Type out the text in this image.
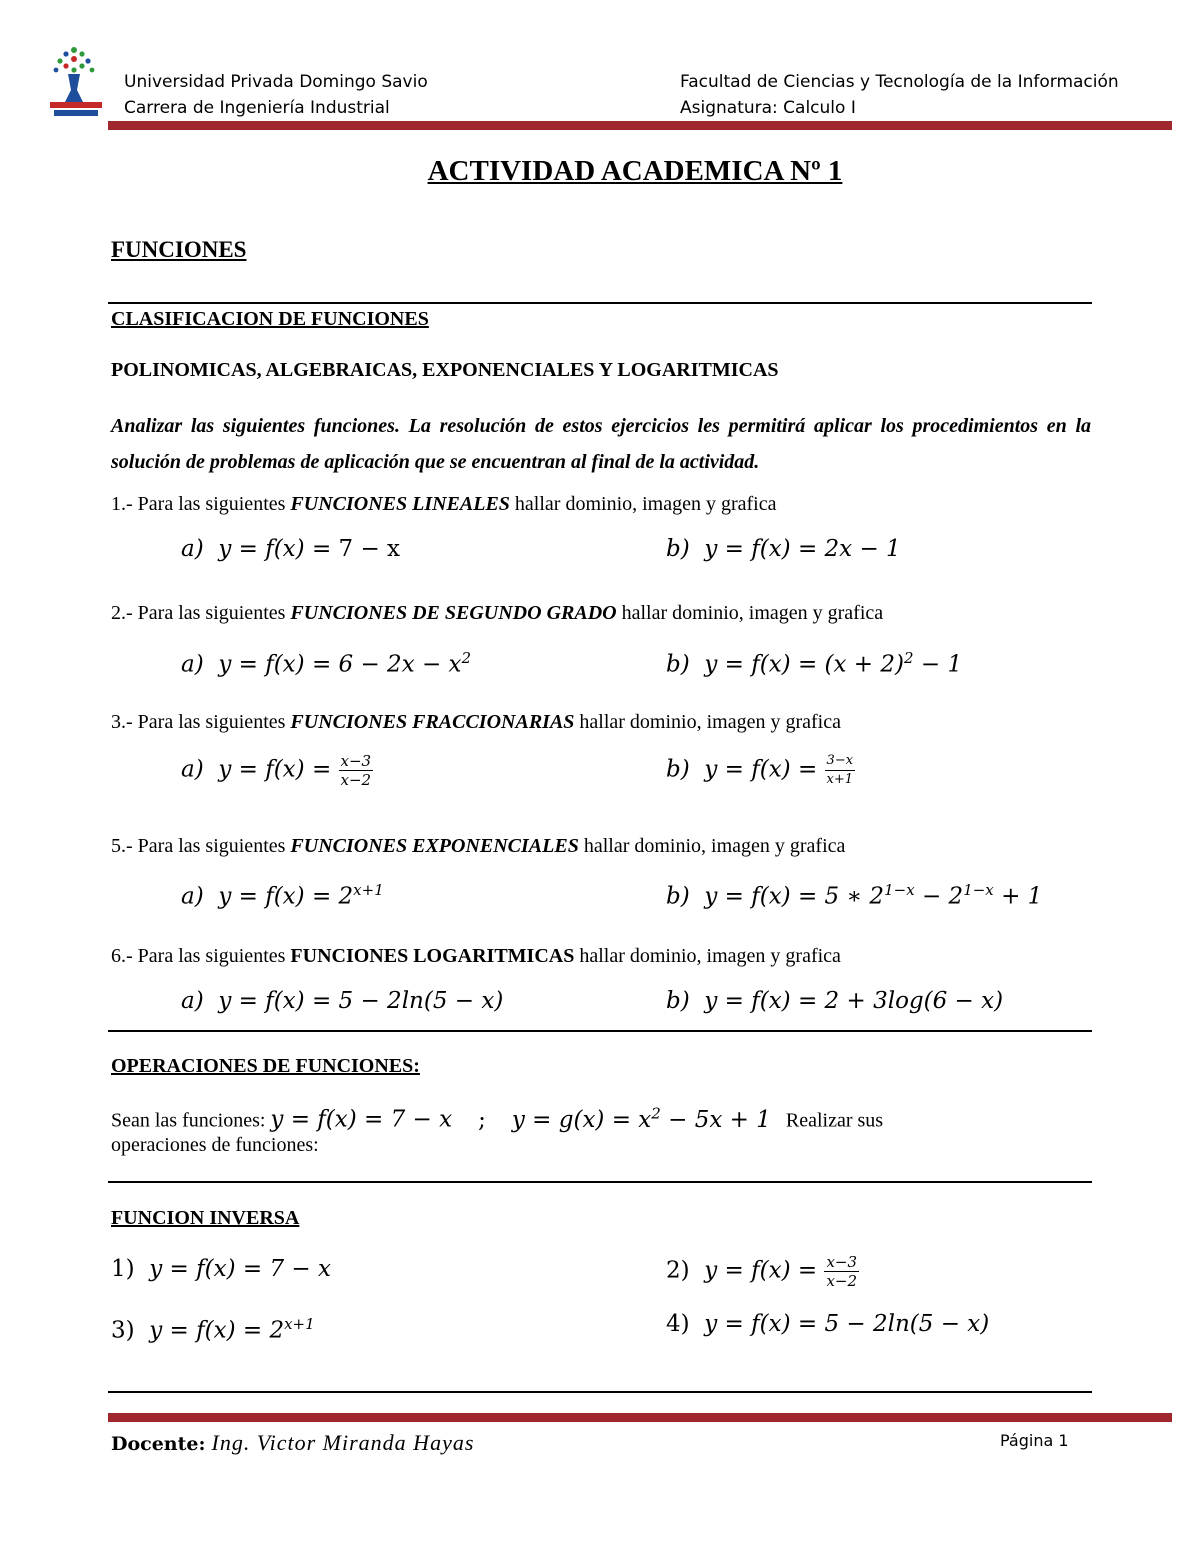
Universidad Privada Domingo Savio
Carrera de Ingeniería Industrial
Facultad de Ciencias y Tecnología de la Información
Asignatura: Calculo I
ACTIVIDAD ACADEMICA Nº 1
FUNCIONES
CLASIFICACION DE FUNCIONES
POLINOMICAS, ALGEBRAICAS, EXPONENCIALES Y LOGARITMICAS
Analizar las siguientes funciones. La resolución de estos ejercicios les permitirá aplicar los procedimientos en la solución de problemas de aplicación que se encuentran al final de la actividad.
1.- Para las siguientes FUNCIONES LINEALES hallar dominio, imagen y grafica
a) y = f(x) = 7 − x	b) y = f(x) = 2x − 1
2.- Para las siguientes FUNCIONES DE SEGUNDO GRADO hallar dominio, imagen y grafica
a) $y = f(x) = 6 - 2x - x^2$	b) $y = f(x) = (x + 2)^2 - 1$
3.- Para las siguientes FUNCIONES FRACCIONARIAS hallar dominio, imagen y grafica
a) $y = f(x) = \frac{x-3}{x-2}$	b) $y = f(x) = \frac{3-x}{x+1}$
5.- Para las siguientes FUNCIONES EXPONENCIALES hallar dominio, imagen y grafica
a) $y = f(x) = 2^{x+1}$	b) y = f(x) = 5 ∗ $2^{1-x} - 2^{1-x} + 1$
6.- Para las siguientes FUNCIONES LOGARITMICAS hallar dominio, imagen y grafica
a) y = f(x) = 5 − 2ln(5 − x)	b) y = f(x) = 2 + 3log(6 − x)
OPERACIONES DE FUNCIONES:
Sean las funciones: y = f(x) = 7 − x ; $y = g(x) = x^2 - 5x + 1$ Realizar sus
operaciones de funciones:
FUNCION INVERSA
1) y = f(x) = 7 − x	2) $y = f(x) = \frac{x-3}{x-2}$
3) $y = f(x) = 2^{x+1}$	4) y = f(x) = 5 − 2ln(5 − x)
Docente: Ing. Victor Miranda Hayas	Página 1
